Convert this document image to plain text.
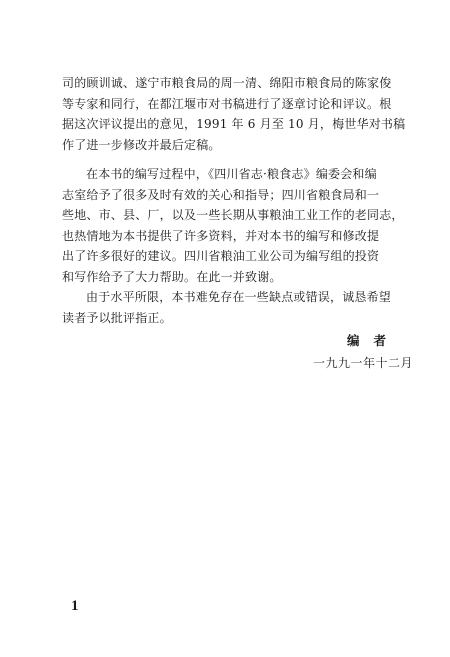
司的顾训诚、遂宁市粮食局的周一清、绵阳市粮食局的陈家俊
等专家和同行，在都江堰市对书稿进行了逐章讨论和评议。根
据这次评议提出的意见，1991 年 6 月至 10 月，梅世华对书稿
作了进一步修改并最后定稿。
在本书的编写过程中，《四川省志·粮食志》编委会和编
志室给予了很多及时有效的关心和指导；四川省粮食局和一
些地、市、县、厂，以及一些长期从事粮油工业工作的老同志，
也热情地为本书提供了许多资料，并对本书的编写和修改提
出了许多很好的建议。四川省粮油工业公司为编写组的投资
和写作给予了大力帮助。在此一并致谢。
由于水平所限，本书难免存在一些缺点或错误，诚恳希望
读者予以批评指正。
编者
一九九一年十二月
1
